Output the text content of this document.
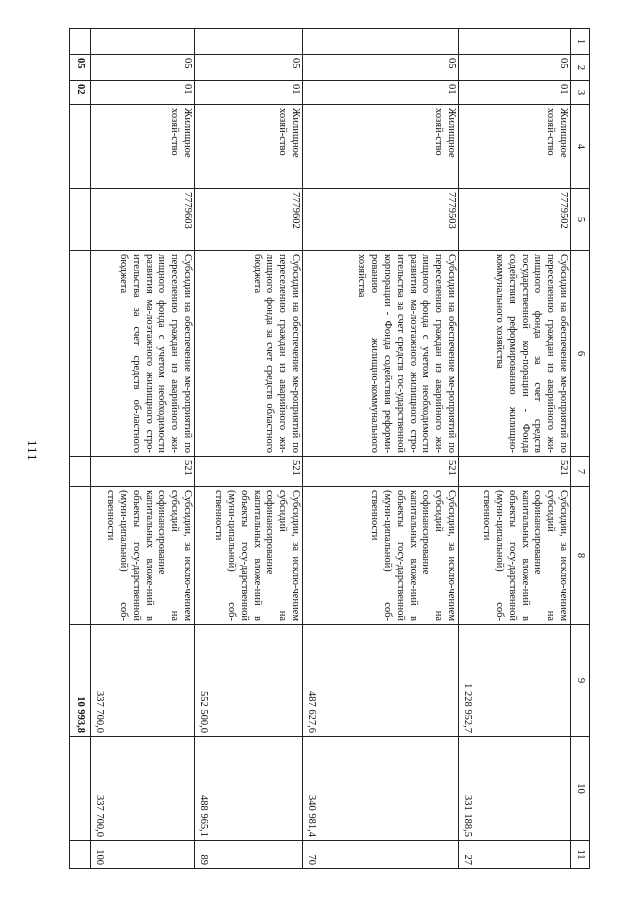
111
1	2	3	4	5	6	7	8	9	10	11
	05	01	Жилищное хозяй-ство	7779502	Субсидии на обеспечение ме-роприятий по переселению граждан из аварийного жи-лищного фонда за счет средств государственной кор-порации - Фонда содействия реформированию жилищно-коммунального хозяйства	521	Субсидии, за исклю-чением субсидий на софинансирование капитальных вложе-ний в объекты госу-дарственной (муни-ципальной) соб-ственности	1 228 952,7	331 188,5	27
	05	01	Жилищное хозяй-ство	7779503	Субсидии на обеспечение ме-роприятий по переселению граждан из аварийного жи-лищного фонда с учетом необходимости развития ма-лоэтажного жилищного стро-ительства за счет средств гос-ударственной корпорации - Фонда содействия реформи-рованию жилищно-коммунального хозяйства	521	Субсидии, за исклю-чением субсидий на софинансирование капитальных вложе-ний в объекты госу-дарственной (муни-ципальной) соб-ственности	487 627,6	340 981,4	70
	05	01	Жилищное хозяй-ство	7779602	Субсидии на обеспечение ме-роприятий по переселению граждан из аварийного жи-лищного фонда за счет средств областного бюджета	521	Субсидии, за исклю-чением субсидий на софинансирование капитальных вложе-ний в объекты госу-дарственной (муни-ципальной) соб-ственности	552 500,0	488 965,1	89
	05	01	Жилищное хозяй-ство	7779603	Субсидии на обеспечение ме-роприятий по переселению граждан из аварийного жи-лищного фонда с учетом необходимости развития ма-лоэтажного жилищного стро-ительства за счет средств об-ластного бюджета	521	Субсидии, за исклю-чением субсидий на софинансирование капитальных вложе-ний в объекты госу-дарственной (муни-ципальной) соб-ственности	337 700,0	337 700,0	100
	05	02						10 993,8		
